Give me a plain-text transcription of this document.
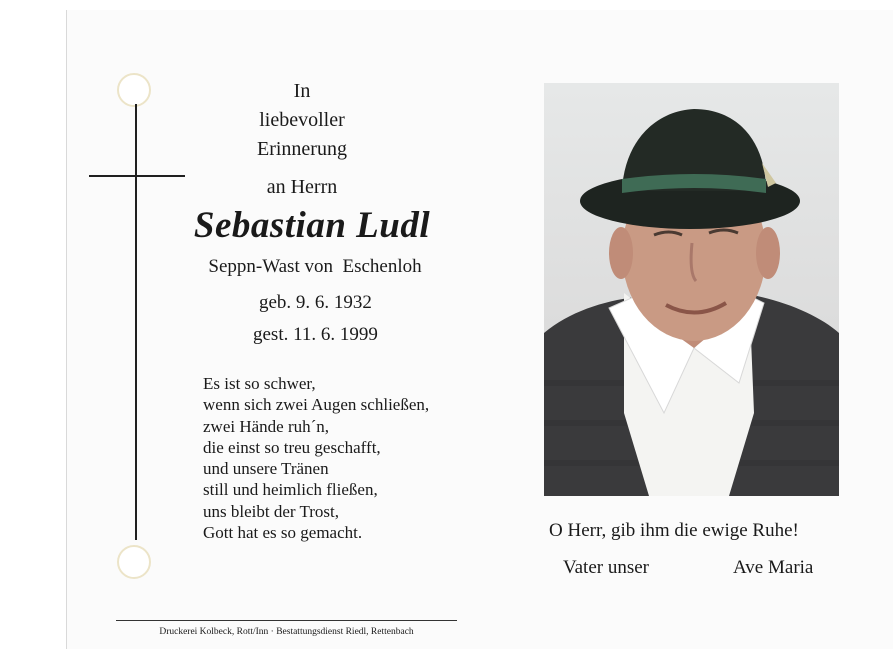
In
liebevoller
Erinnerung
an Herrn
Sebastian Ludl
Seppn-Wast von  Eschenloh
geb. 9. 6. 1932
gest. 11. 6. 1999
Es ist so schwer,
wenn sich zwei Augen schließen,
zwei Hände ruh´n,
die einst so treu geschafft,
und unsere Tränen
still und heimlich fließen,
uns bleibt der Trost,
Gott hat es so gemacht.	O Herr, gib ihm die ewige Ruhe!
Vater unser	Ave Maria
Druckerei Kolbeck, Rott/Inn · Bestattungsdienst Riedl, Rettenbach
